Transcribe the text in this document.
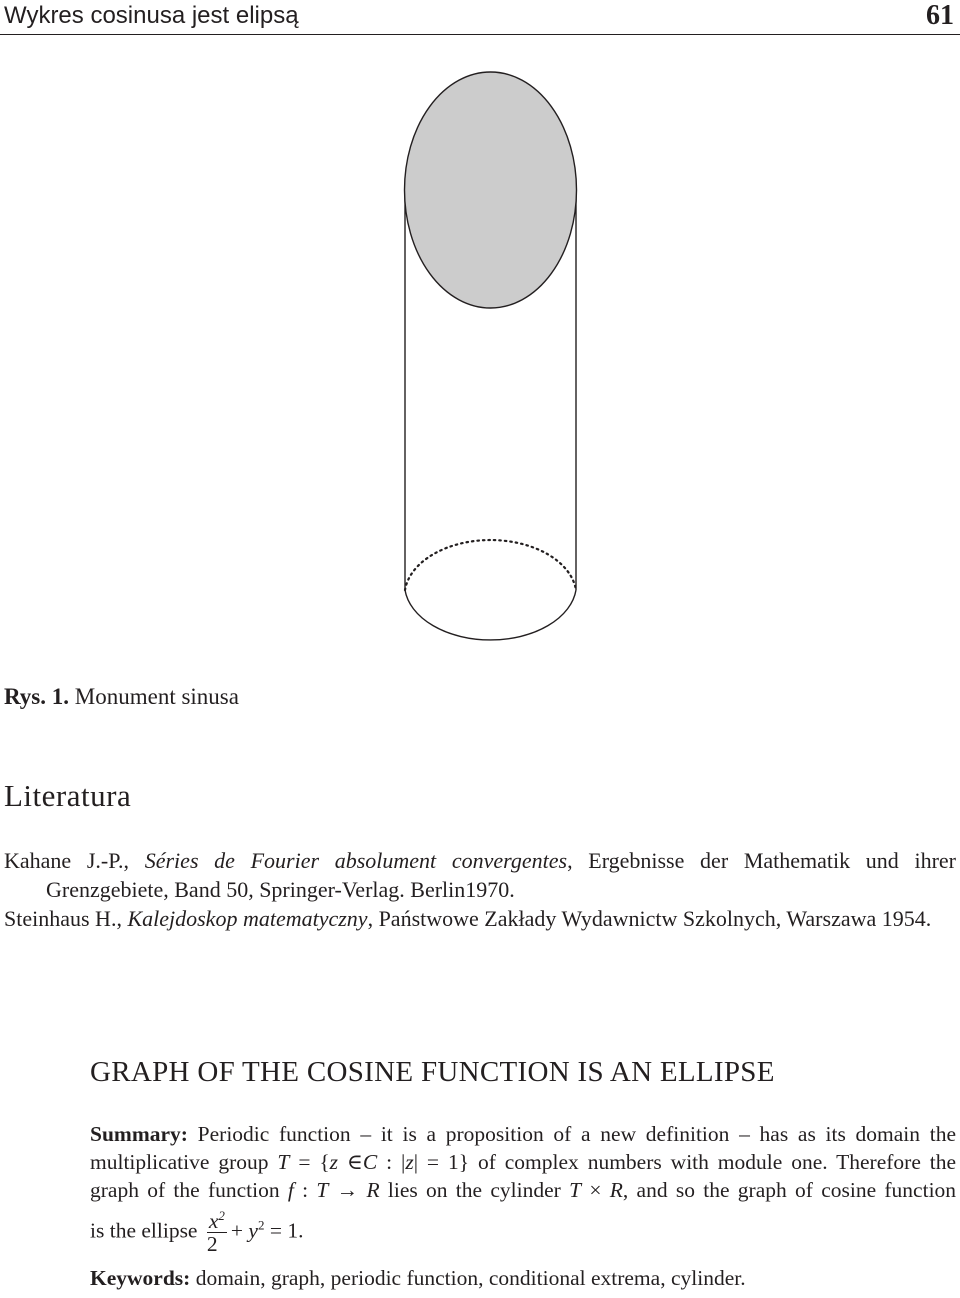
Wykres cosinusa jest elipsą	61
Rys. 1. Monument sinusa
Literatura
Kahane J.-P., Séries de Fourier absolument convergentes, Ergebnisse der Mathematik und ihrer Grenzgebiete, Band 50, Springer-Verlag. Berlin1970.
Steinhaus H., Kalejdoskop matematyczny, Państwowe Zakłady Wydawnictw Szkolnych, Warszawa 1954.
GRAPH OF THE COSINE FUNCTION IS AN ELLIPSE
Summary: Periodic function – it is a proposition of a new definition – has as its domain the
multiplicative group T = {z ∈C : |z| = 1} of complex numbers with module one. Therefore the
graph of the function f : T → R lies on the cylinder T × R, and so the graph of cosine function
is the ellipse $\frac{x^2}{2} + y^2 = 1$.
Keywords: domain, graph, periodic function, conditional extrema, cylinder.
